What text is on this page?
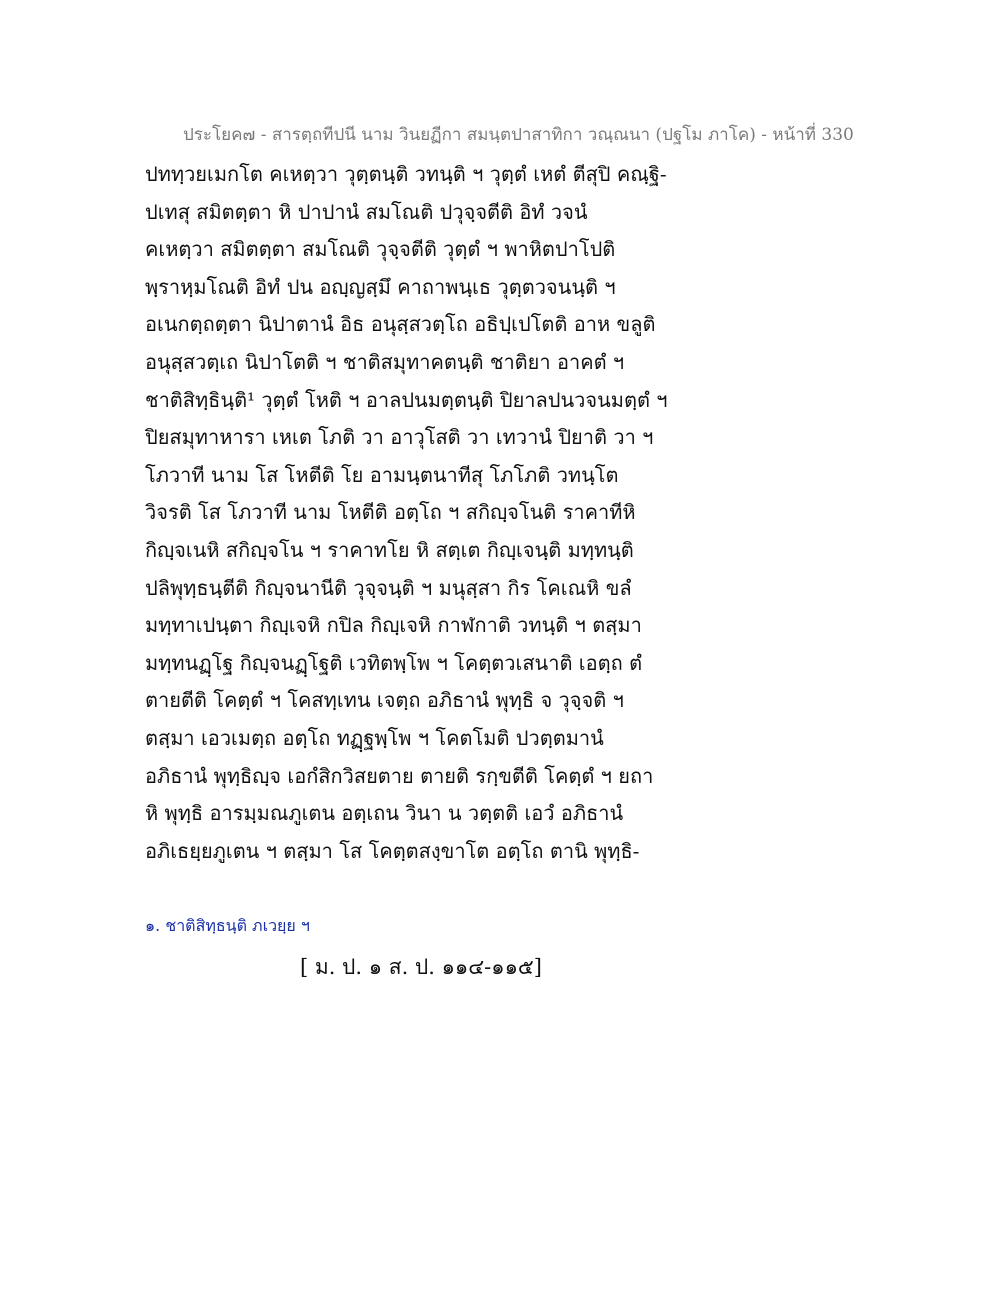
ประโยค๗ - สารตฺถทีปนี นาม วินยฏีกา สมนฺตปาสาทิกา วณฺณนา (ปฐโม ภาโค) - หน้าที่ 330
ปททฺวยเมกโต คเหตฺวา วุตฺตนฺติ วทนฺติ ฯ วุตฺตํ เหตํ ตีสุปิ คณฺฐิ-
ปเทสุ สมิตตฺตา หิ ปาปานํ สมโณติ ปวุจฺจตีติ อิทํ วจนํ
คเหตฺวา สมิตตฺตา สมโณติ วุจฺจตีติ วุตฺตํ ฯ พาหิตปาโปติ
พฺราหฺมโณติ อิทํ ปน อญฺญสฺมึ คาถาพนฺเธ วุตฺตวจนนฺติ ฯ
อเนกตฺถตฺตา นิปาตานํ อิธ อนุสฺสวตฺโถ อธิปฺเปโตติ อาห ขลูติ
อนุสฺสวตฺเถ นิปาโตติ ฯ ชาติสมุทาคตนฺติ ชาติยา อาคตํ ฯ
ชาติสิทฺธินฺติ¹ วุตฺตํ โหติ ฯ อาลปนมตฺตนฺติ ปิยาลปนวจนมตฺตํ ฯ
ปิยสมุทาหารา เหเต โภติ วา อาวุโสติ วา เทวานํ ปิยาติ วา ฯ
โภวาที นาม โส โหตีติ โย อามนฺตนาทีสุ โภโภติ วทนฺโต
วิจรติ โส โภวาที นาม โหตีติ อตฺโถ ฯ สกิญฺจโนติ ราคาทีหิ
กิญฺจเนหิ สกิญฺจโน ฯ ราคาทโย หิ สตฺเต กิญฺเจนฺติ มทฺทนฺติ
ปลิพุทฺธนฺตีติ กิญฺจนานีติ วุจฺจนฺติ ฯ มนุสฺสา กิร โคเณหิ ขลํ
มทฺทาเปนฺตา กิญฺเจหิ กปิล กิญฺเจหิ กาฬกาติ วทนฺติ ฯ ตสฺมา
มทฺทนฏฺโฐ กิญฺจนฏฺโฐติ เวทิตพฺโพ ฯ โคตฺตวเสนาติ เอตฺถ ตํ
ตายตีติ โคตฺตํ ฯ โคสทฺเทน เจตฺถ อภิธานํ พุทฺธิ จ วุจฺจติ ฯ
ตสฺมา เอวเมตฺถ อตฺโถ ทฏฺฐพฺโพ ฯ โคตโมติ ปวตฺตมานํ
อภิธานํ พุทฺธิญฺจ เอกํสิกวิสยตาย ตายติ รกฺขตีติ โคตฺตํ ฯ ยถา
หิ พุทฺธิ อารมฺมณภูเตน อตฺเถน วินา น วตฺตติ เอวํ อภิธานํ
อภิเธยฺยภูเตน ฯ ตสฺมา โส โคตฺตสงฺขาโต อตฺโถ ตานิ พุทฺธิ-
๑. ชาติสิทฺธนฺติ ภเวยฺย ฯ
[ ม. ป. ๑ ส. ป. ๑๑๔-๑๑๕]
